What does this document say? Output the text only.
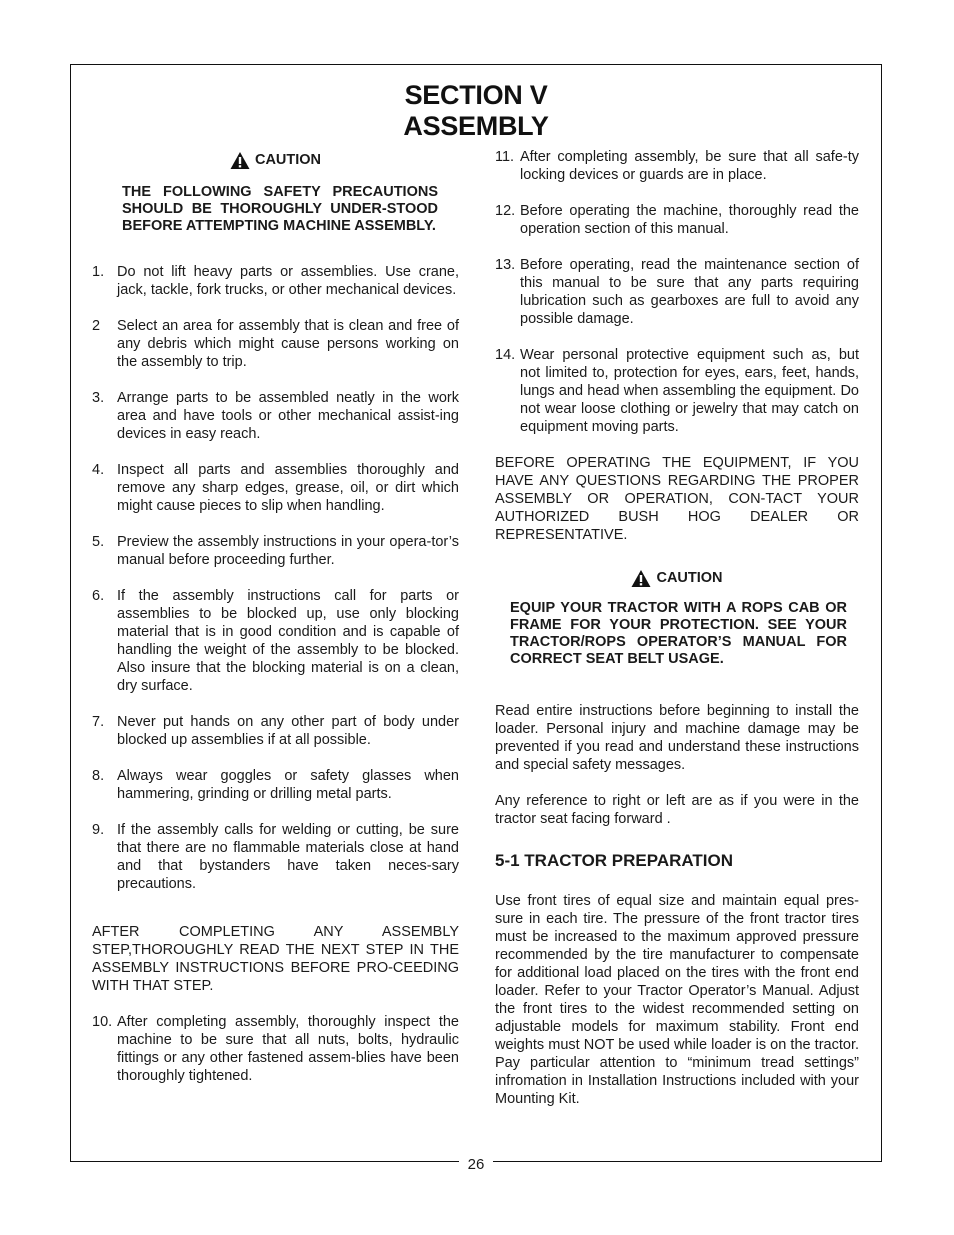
26
SECTION V
ASSEMBLY
CAUTION
THE FOLLOWING SAFETY PRECAUTIONS SHOULD BE THOROUGHLY UNDER-STOOD BEFORE ATTEMPTING MACHINE ASSEMBLY.
1. Do not lift heavy parts or assemblies. Use crane, jack, tackle, fork trucks, or other mechanical devices.
2	Select an area for assembly that is clean and free of any debris which might cause persons working on the assembly to trip.
3. Arrange parts to be assembled neatly in the work area and have tools or other mechanical assist-ing devices in easy reach.
4. Inspect all parts and assemblies thoroughly and remove any sharp edges, grease, oil, or dirt which might cause pieces to slip when handling.
5. Preview the assembly instructions in your opera-tor’s manual before proceeding further.
6. If the assembly instructions call for parts or assemblies to be blocked up, use only blocking material that is in good condition and is capable of handling the weight of the assembly to be blocked. Also insure that the blocking material is on a clean, dry surface.
7. Never put hands on any other part of body under blocked up assemblies if at all possible.
8. Always wear goggles or safety glasses when hammering, grinding or drilling metal parts.
9. If the assembly calls for welding or cutting, be sure that there are no flammable materials close at hand and that bystanders have taken neces-sary precautions.
AFTER COMPLETING ANY ASSEMBLY STEP,THOROUGHLY READ THE NEXT STEP IN THE ASSEMBLY INSTRUCTIONS BEFORE PRO-CEEDING WITH THAT STEP.
10. After completing assembly, thoroughly inspect the machine to be sure that all nuts, bolts, hydraulic fittings or any other fastened assem-blies have been thoroughly tightened.
11. After completing assembly, be sure that all safe-ty locking devices or guards are in place.
12. Before operating the machine, thoroughly read the operation section of this manual.
13. Before operating, read the maintenance section of this manual to be sure that any parts requiring lubrication such as gearboxes are full to avoid any possible damage.
14. Wear personal protective equipment such as, but not limited to, protection for eyes, ears, feet, hands, lungs and head when assembling the equipment. Do not wear loose clothing or jewelry that may catch on equipment moving parts.
BEFORE OPERATING THE EQUIPMENT, IF YOU HAVE ANY QUESTIONS REGARDING THE PROPER ASSEMBLY OR OPERATION, CON-TACT YOUR AUTHORIZED BUSH HOG DEALER OR REPRESENTATIVE.
CAUTION
EQUIP YOUR TRACTOR WITH A ROPS CAB OR FRAME FOR YOUR PROTECTION. SEE YOUR TRACTOR/ROPS OPERATOR’S MANUAL FOR CORRECT SEAT BELT USAGE.
Read entire instructions before beginning to install the loader. Personal injury and machine damage may be prevented if you read and understand these instructions and special safety messages.
Any reference to right or left are as if you were in the tractor seat facing forward .
5-1 TRACTOR PREPARATION
Use front tires of equal size and maintain equal pres-sure in each tire. The pressure of the front tractor tires must be increased to the maximum approved pressure recommended by the tire manufacturer to compensate for additional load placed on the tires with the front end loader. Refer to your Tractor Operator’s Manual. Adjust the front tires to the widest recommended setting on adjustable models for maximum stability. Front end weights must NOT be used while loader is on the tractor. Pay particular attention to “minimum tread settings” infromation in Installation Instructions included with your Mounting Kit.
